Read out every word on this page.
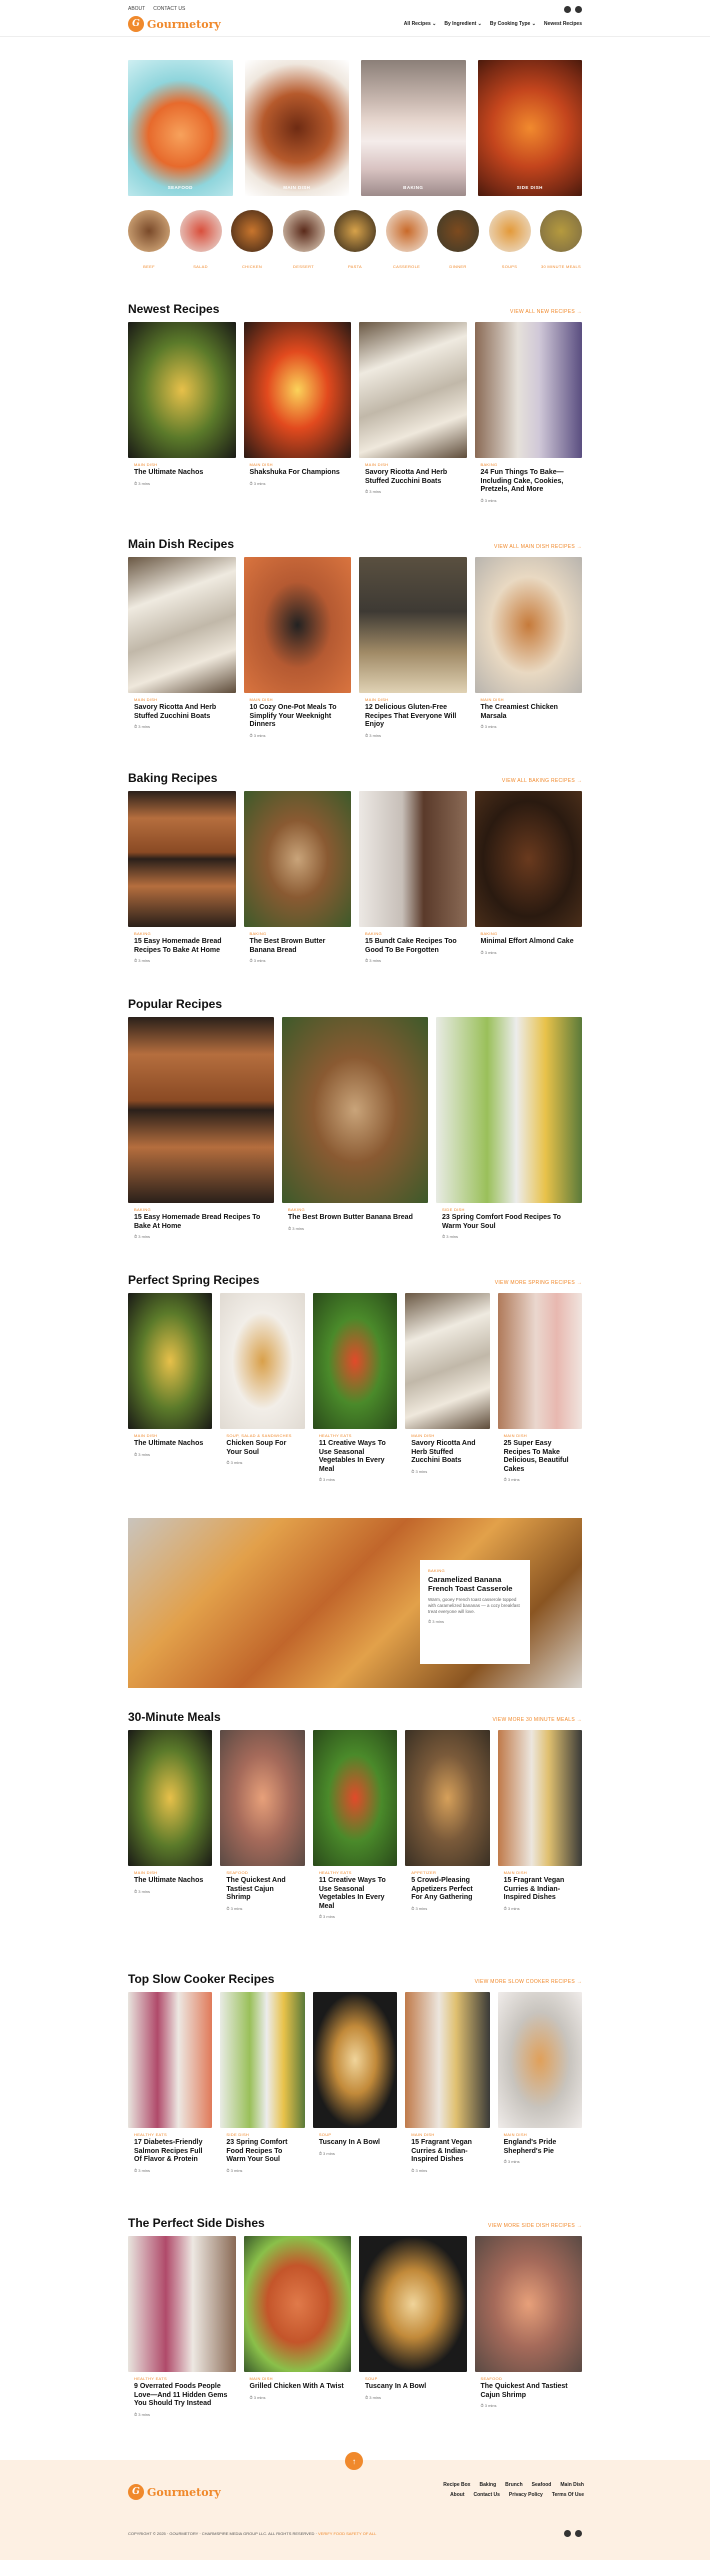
ABOUT CONTACT US
G Gourmetory	All Recipes ⌄ By Ingredient ⌄ By Cooking Type ⌄ Newest Recipes
SEAFOOD	MAIN DISH	BAKING	SIDE DISH
BEEF	SALAD	CHICKEN	DESSERT	PASTA	CASSEROLE	DINNER	SOUPS	30 MINUTE MEALS
Newest Recipes	VIEW ALL NEW RECIPES →
MAIN DISH
The Ultimate Nachos
⏱ 3 mins
MAIN DISH
Shakshuka For Champions
⏱ 3 mins
MAIN DISH
Savory Ricotta And Herb Stuffed Zucchini Boats
⏱ 3 mins
BAKING
24 Fun Things To Bake—Including Cake, Cookies, Pretzels, And More
⏱ 3 mins
Main Dish Recipes	VIEW ALL MAIN DISH RECIPES →
MAIN DISH
Savory Ricotta And Herb Stuffed Zucchini Boats
⏱ 3 mins
MAIN DISH
10 Cozy One-Pot Meals To Simplify Your Weeknight Dinners
⏱ 3 mins
MAIN DISH
12 Delicious Gluten-Free Recipes That Everyone Will Enjoy
⏱ 3 mins
MAIN DISH
The Creamiest Chicken Marsala
⏱ 3 mins
Baking Recipes	VIEW ALL BAKING RECIPES →
BAKING
15 Easy Homemade Bread Recipes To Bake At Home
⏱ 3 mins
BAKING
The Best Brown Butter Banana Bread
⏱ 3 mins
BAKING
15 Bundt Cake Recipes Too Good To Be Forgotten
⏱ 3 mins
BAKING
Minimal Effort Almond Cake
⏱ 3 mins
Popular Recipes
BAKING
15 Easy Homemade Bread Recipes To Bake At Home
⏱ 3 mins
BAKING
The Best Brown Butter Banana Bread
⏱ 3 mins
SIDE DISH
23 Spring Comfort Food Recipes To Warm Your Soul
⏱ 3 mins
Perfect Spring Recipes	VIEW MORE SPRING RECIPES →
MAIN DISH
The Ultimate Nachos
⏱ 3 mins
SOUP, SALAD & SANDWICHES
Chicken Soup For Your Soul
⏱ 3 mins
HEALTHY EATS
11 Creative Ways To Use Seasonal Vegetables In Every Meal
⏱ 3 mins
MAIN DISH
Savory Ricotta And Herb Stuffed Zucchini Boats
⏱ 3 mins
MAIN DISH
25 Super Easy Recipes To Make Delicious, Beautiful Cakes
⏱ 3 mins
BAKING
Caramelized Banana French Toast Casserole

Warm, gooey French toast casserole topped with caramelized bananas — a cozy breakfast treat everyone will love.

⏱ 3 mins
30-Minute Meals	VIEW MORE 30 MINUTE MEALS →
MAIN DISH
The Ultimate Nachos
⏱ 3 mins
SEAFOOD
The Quickest And Tastiest Cajun Shrimp
⏱ 3 mins
HEALTHY EATS
11 Creative Ways To Use Seasonal Vegetables In Every Meal
⏱ 3 mins
APPETIZER
5 Crowd-Pleasing Appetizers Perfect For Any Gathering
⏱ 3 mins
MAIN DISH
15 Fragrant Vegan Curries & Indian-Inspired Dishes
⏱ 3 mins
Top Slow Cooker Recipes	VIEW MORE SLOW COOKER RECIPES →
HEALTHY EATS
17 Diabetes-Friendly Salmon Recipes Full Of Flavor & Protein
⏱ 3 mins
SIDE DISH
23 Spring Comfort Food Recipes To Warm Your Soul
⏱ 3 mins
SOUP
Tuscany In A Bowl
⏱ 3 mins
MAIN DISH
15 Fragrant Vegan Curries & Indian-Inspired Dishes
⏱ 3 mins
MAIN DISH
England's Pride Shepherd's Pie
⏱ 3 mins
The Perfect Side Dishes	VIEW MORE SIDE DISH RECIPES →
HEALTHY EATS
9 Overrated Foods People Love—And 11 Hidden Gems You Should Try Instead
⏱ 3 mins
MAIN DISH
Grilled Chicken With A Twist
⏱ 3 mins
SOUP
Tuscany In A Bowl
⏱ 3 mins
SEAFOOD
The Quickest And Tastiest Cajun Shrimp
⏱ 3 mins
↑
G Gourmetory
Recipe Box Baking Brunch Seafood Main Dish
About Contact Us Privacy Policy Terms Of Use
COPYRIGHT © 2025 · GOURMETORY · CHARMSPIRE MEDIA GROUP LLC. ALL RIGHTS RESERVED · VERIFY FOOD SAFETY OF ALL
